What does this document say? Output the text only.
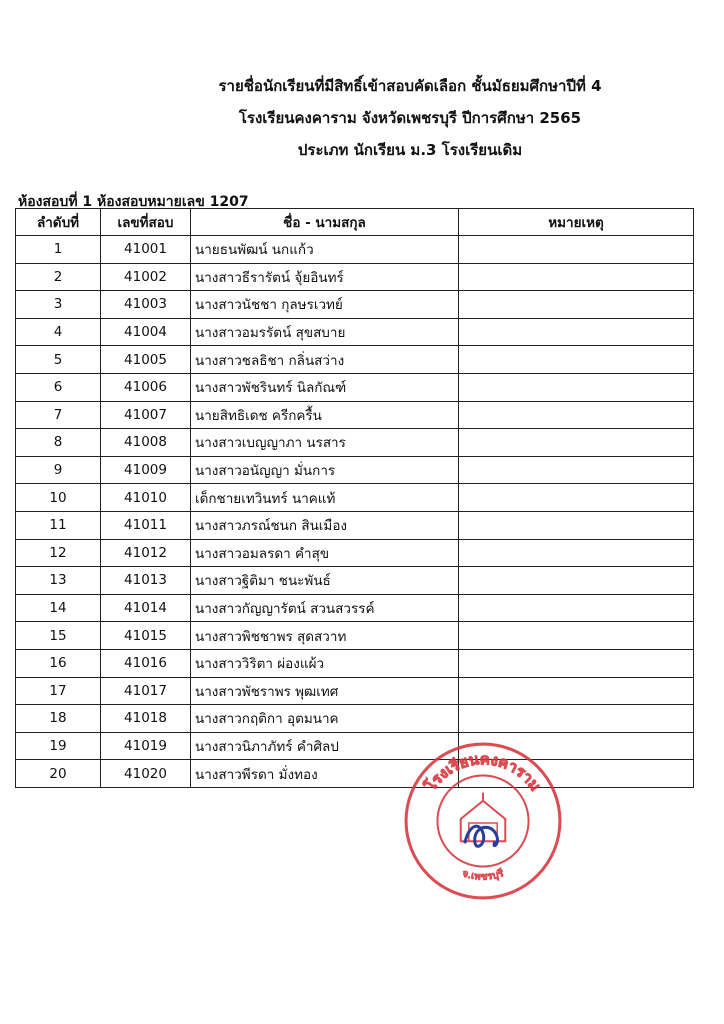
รายชื่อนักเรียนที่มีสิทธิ์เข้าสอบคัดเลือก ชั้นมัธยมศึกษาปีที่ 4
โรงเรียนคงคาราม จังหวัดเพชรบุรี ปีการศึกษา 2565
ประเภท นักเรียน ม.3 โรงเรียนเดิม
ห้องสอบที่ 1 ห้องสอบหมายเลข 1207
ลำดับที่	เลขที่สอบ	ชื่อ - นามสกุล	หมายเหตุ
1	41001	นายธนพัฒน์ นกแก้ว	
2	41002	นางสาวธีรารัตน์ จุ้ยอินทร์	
3	41003	นางสาวนัชชา กุลษรเวทย์	
4	41004	นางสาวอมรรัตน์ สุขสบาย	
5	41005	นางสาวชลธิชา กลิ่นสว่าง	
6	41006	นางสาวพัชรินทร์ นิลกัณฑ์	
7	41007	นายสิทธิเดช ครีกครื้น	
8	41008	นางสาวเบญญาภา นรสาร	
9	41009	นางสาวอนัญญา มั่นการ	
10	41010	เด็กชายเทวินทร์ นาคแท้	
11	41011	นางสาวภรณ์ชนก สินเมือง	
12	41012	นางสาวอมลรดา คำสุข	
13	41013	นางสาวฐิติมา ชนะพันธ์	
14	41014	นางสาวกัญญารัตน์ สวนสวรรค์	
15	41015	นางสาวพิชชาพร สุดสวาท	
16	41016	นางสาววิริตา ผ่องแผ้ว	
17	41017	นางสาวพัชราพร พุฒเทศ	
18	41018	นางสาวกฤติกา อุตมนาค	
19	41019	นางสาวนิภาภัทร์ คำศิลป	
20	41020	นางสาวพีรดา มั่งทอง	
โรงเรียนคงคาราม
จ.เพชรบุรี
